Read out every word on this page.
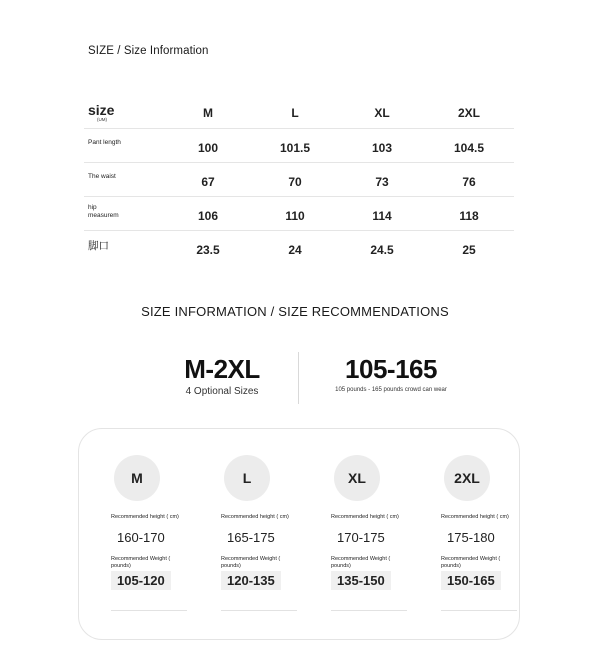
SIZE / Size Information
size
(UM)	M	L	XL	2XL
Pant length	100	101.5	103	104.5
The waist	67	70	73	76
hip measurem	106	110	114	118
脚口	23.5	24	24.5	25
SIZE INFORMATION / SIZE RECOMMENDATIONS
M-2XL
4 Optional Sizes
105-165
105 pounds - 165 pounds crowd can wear
M
Recommended height ( cm)
160-170
Recommended Weight ( pounds)
105-120
L
Recommended height ( cm)
165-175
Recommended Weight ( pounds)
120-135
XL
Recommended height ( cm)
170-175
Recommended Weight ( pounds)
135-150
2XL
Recommended height ( cm)
175-180
Recommended Weight ( pounds)
150-165
